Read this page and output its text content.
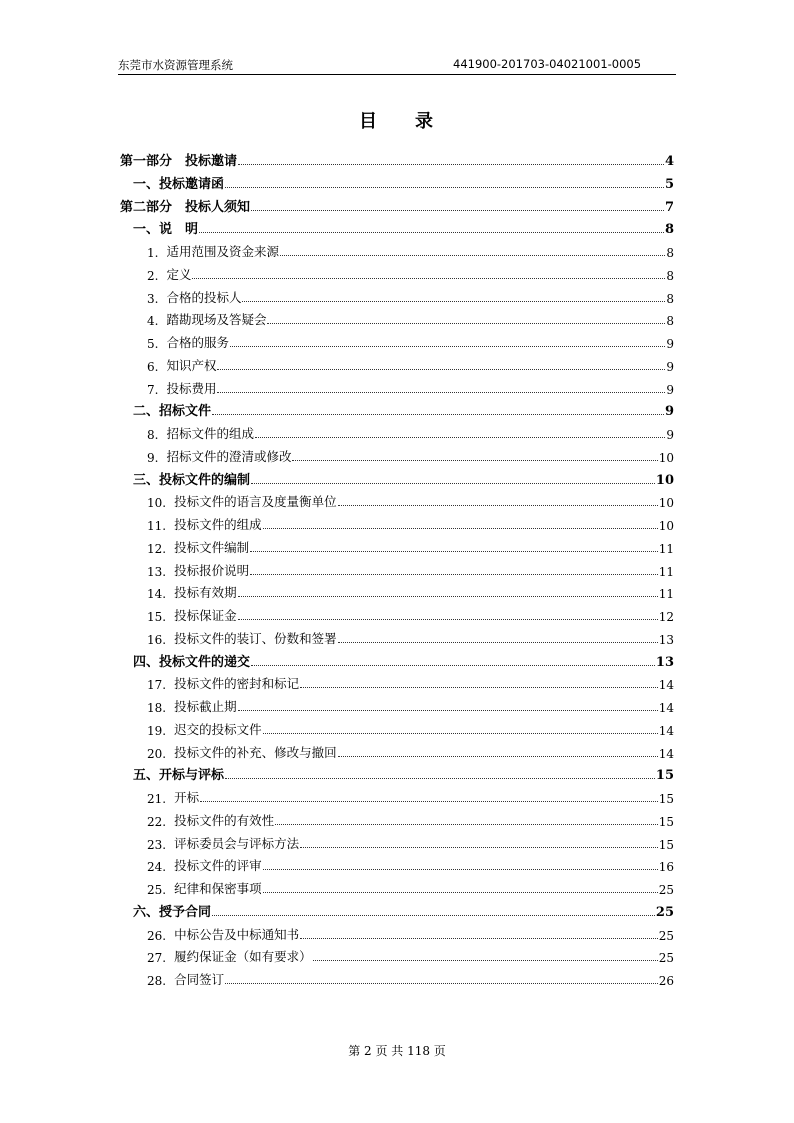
东莞市水资源管理系统	441900-201703-04021001-0005
目 录
第一部分　投标邀请	4
一、投标邀请函	5
第二部分　投标人须知	7
一、说　明	8
1. 适用范围及资金来源	8
2. 定义	8
3. 合格的投标人	8
4. 踏勘现场及答疑会	8
5. 合格的服务	9
6. 知识产权	9
7. 投标费用	9
二、招标文件	9
8. 招标文件的组成	9
9. 招标文件的澄清或修改	10
三、投标文件的编制	10
10. 投标文件的语言及度量衡单位	10
11. 投标文件的组成	10
12. 投标文件编制	11
13. 投标报价说明	11
14. 投标有效期	11
15. 投标保证金	12
16. 投标文件的装订、份数和签署	13
四、投标文件的递交	13
17. 投标文件的密封和标记	14
18. 投标截止期	14
19. 迟交的投标文件	14
20. 投标文件的补充、修改与撤回	14
五、开标与评标	15
21. 开标	15
22. 投标文件的有效性	15
23. 评标委员会与评标方法	15
24. 投标文件的评审	16
25. 纪律和保密事项	25
六、授予合同	25
26. 中标公告及中标通知书	25
27. 履约保证金（如有要求）	25
28. 合同签订	26
第 2 页 共 118 页
